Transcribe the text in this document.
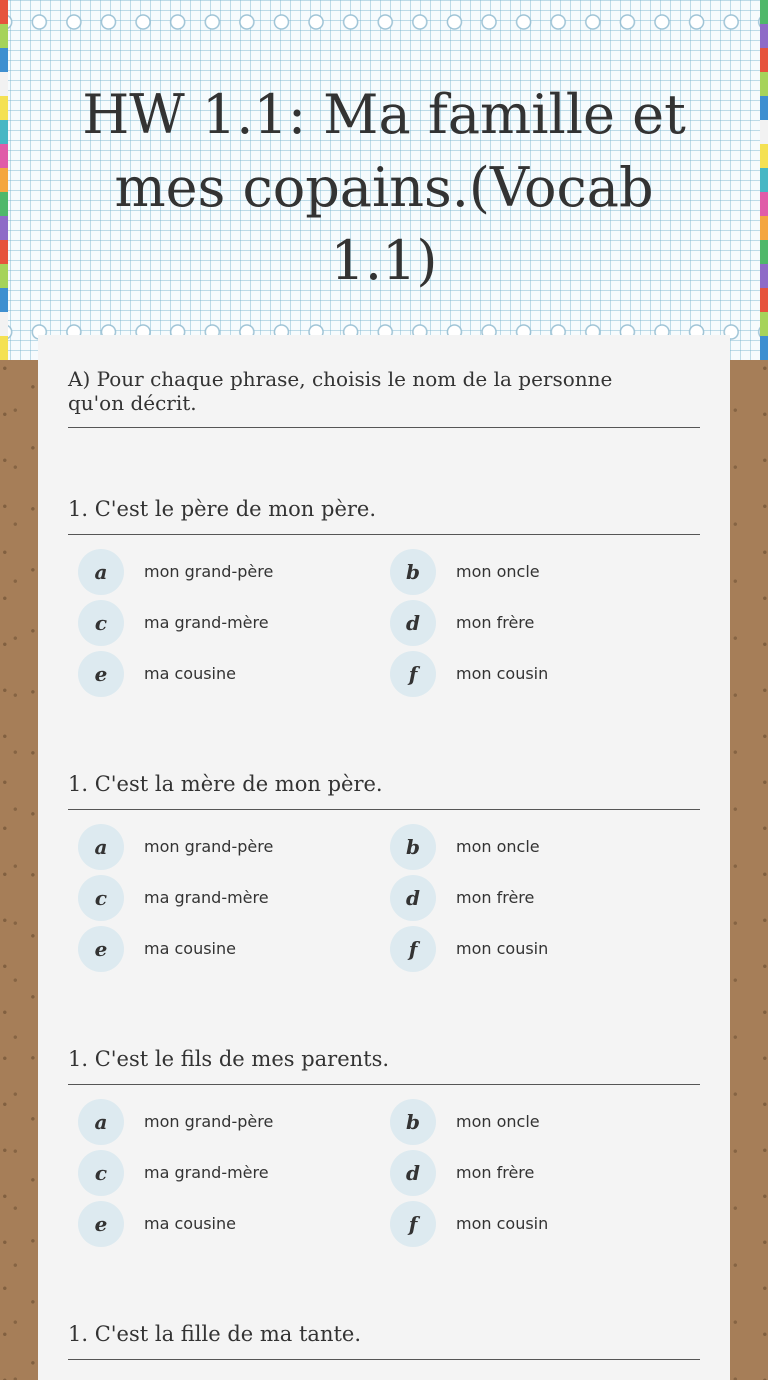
HW 1.1: Ma famille et mes copains.(Vocab 1.1)
A) Pour chaque phrase, choisis le nom de la personne qu'on décrit.
1. C'est le père de mon père.
a	mon grand-père	b	mon oncle
c	ma grand-mère	d	mon frère
e	ma cousine	f	mon cousin
1. C'est la mère de mon père.
a	mon grand-père	b	mon oncle
c	ma grand-mère	d	mon frère
e	ma cousine	f	mon cousin
1. C'est le fils de mes parents.
a	mon grand-père	b	mon oncle
c	ma grand-mère	d	mon frère
e	ma cousine	f	mon cousin
1. C'est la fille de ma tante.
